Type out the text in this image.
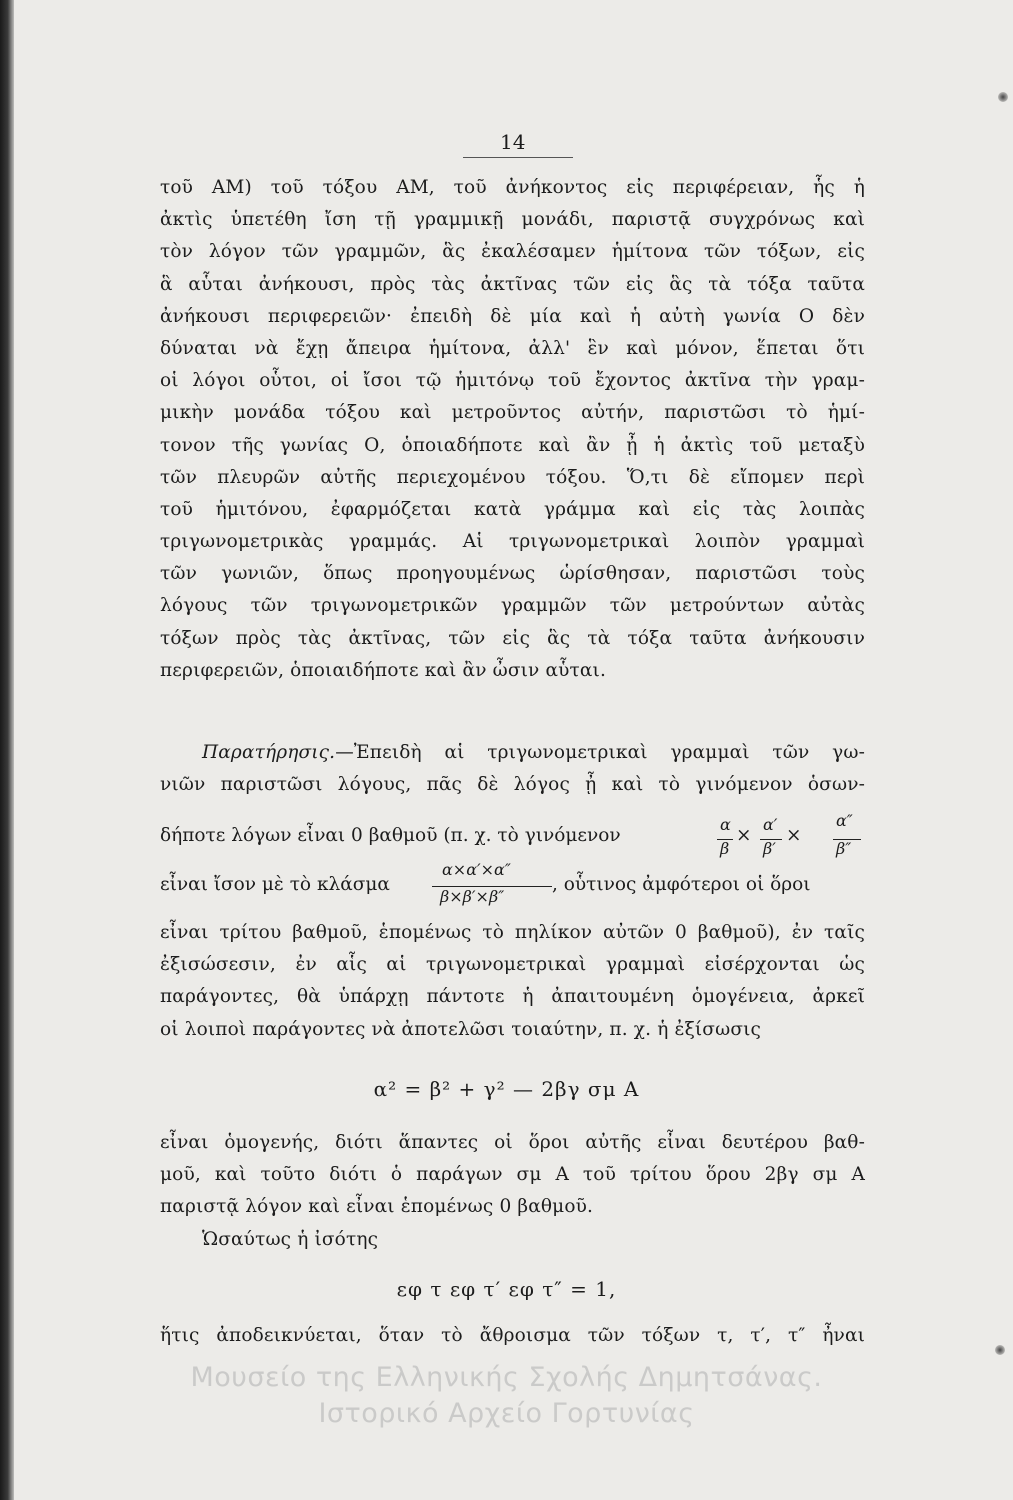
14
τοῦ ΑΜ) τοῦ τόξου ΑΜ, τοῦ ἀνήκοντος εἰς περιφέρειαν, ἧς ἡ
ἀκτὶς ὑπετέθη ἴση τῇ γραμμικῇ μονάδι, παριστᾷ συγχρόνως καὶ
τὸν λόγον τῶν γραμμῶν, ἃς ἐκαλέσαμεν ἡμίτονα τῶν τόξων, εἰς
ἃ αὗται ἀνήκουσι, πρὸς τὰς ἀκτῖνας τῶν εἰς ἃς τὰ τόξα ταῦτα
ἀνήκουσι περιφερειῶν· ἐπειδὴ δὲ μία καὶ ἡ αὐτὴ γωνία Ο δὲν
δύναται νὰ ἔχῃ ἄπειρα ἡμίτονα, ἀλλ' ἓν καὶ μόνον, ἕπεται ὅτι
οἱ λόγοι οὗτοι, οἱ ἴσοι τῷ ἡμιτόνῳ τοῦ ἔχοντος ἀκτῖνα τὴν γραμ-
μικὴν μονάδα τόξου καὶ μετροῦντος αὐτήν, παριστῶσι τὸ ἡμί-
τονον τῆς γωνίας Ο, ὁποιαδήποτε καὶ ἂν ᾖ ἡ ἀκτὶς τοῦ μεταξὺ
τῶν πλευρῶν αὐτῆς περιεχομένου τόξου. Ὅ,τι δὲ εἴπομεν περὶ
τοῦ ἡμιτόνου, ἐφαρμόζεται κατὰ γράμμα καὶ εἰς τὰς λοιπὰς
τριγωνομετρικὰς γραμμάς. Αἱ τριγωνομετρικαὶ λοιπὸν γραμμαὶ
τῶν γωνιῶν, ὅπως προηγουμένως ὡρίσθησαν, παριστῶσι τοὺς
λόγους τῶν τριγωνομετρικῶν γραμμῶν τῶν μετρούντων αὐτὰς
τόξων πρὸς τὰς ἀκτῖνας, τῶν εἰς ἃς τὰ τόξα ταῦτα ἀνήκουσιν
περιφερειῶν, ὁποιαιδήποτε καὶ ἂν ὦσιν αὗται.
Παρατήρησις.—Ἐπειδὴ αἱ τριγωνομετρικαὶ γραμμαὶ τῶν γω-
νιῶν παριστῶσι λόγους, πᾶς δὲ λόγος ᾖ καὶ τὸ γινόμενον ὁσων-
δήποτε λόγων εἶναι 0 βαθμοῦ (π. χ. τὸ γινόμενον
α
β
×
α′
β′
×
α″
β″
εἶναι ἴσον μὲ τὸ κλάσμα
α×α′×α″
β×β′×β″
, οὗτινος ἀμφότεροι οἱ ὅροι
εἶναι τρίτου βαθμοῦ, ἑπομένως τὸ πηλίκον αὐτῶν 0 βαθμοῦ), ἐν ταῖς
ἐξισώσεσιν, ἐν αἷς αἱ τριγωνομετρικαὶ γραμμαὶ εἰσέρχονται ὡς
παράγοντες, θὰ ὑπάρχῃ πάντοτε ἡ ἀπαιτουμένη ὁμογένεια, ἀρκεῖ
οἱ λοιποὶ παράγοντες νὰ ἀποτελῶσι τοιαύτην, π. χ. ἡ ἐξίσωσις
α² = β² + γ² — 2βγ σμ Α
εἶναι ὁμογενής, διότι ἅπαντες οἱ ὅροι αὐτῆς εἶναι δευτέρου βαθ-
μοῦ, καὶ τοῦτο διότι ὁ παράγων σμ Α τοῦ τρίτου ὅρου 2βγ σμ Α
παριστᾷ λόγον καὶ εἶναι ἑπομένως 0 βαθμοῦ.
Ὡσαύτως ἡ ἰσότης
εφ τ εφ τ′ εφ τ″ = 1,
ἥτις ἀποδεικνύεται, ὅταν τὸ ἄθροισμα τῶν τόξων τ, τ′, τ″ ἦναι
Μουσείο της Ελληνικής Σχολής Δημητσάνας.
Ιστορικό Αρχείο Γορτυνίας
